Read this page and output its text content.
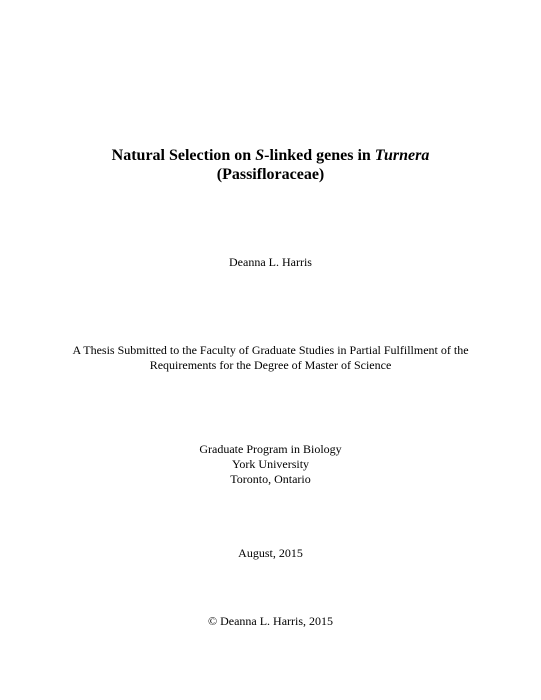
Natural Selection on S-linked genes in Turnera
(Passifloraceae)
Deanna L. Harris
A Thesis Submitted to the Faculty of Graduate Studies in Partial Fulfillment of the
Requirements for the Degree of Master of Science
Graduate Program in Biology
York University
Toronto, Ontario
August, 2015
© Deanna L. Harris, 2015
